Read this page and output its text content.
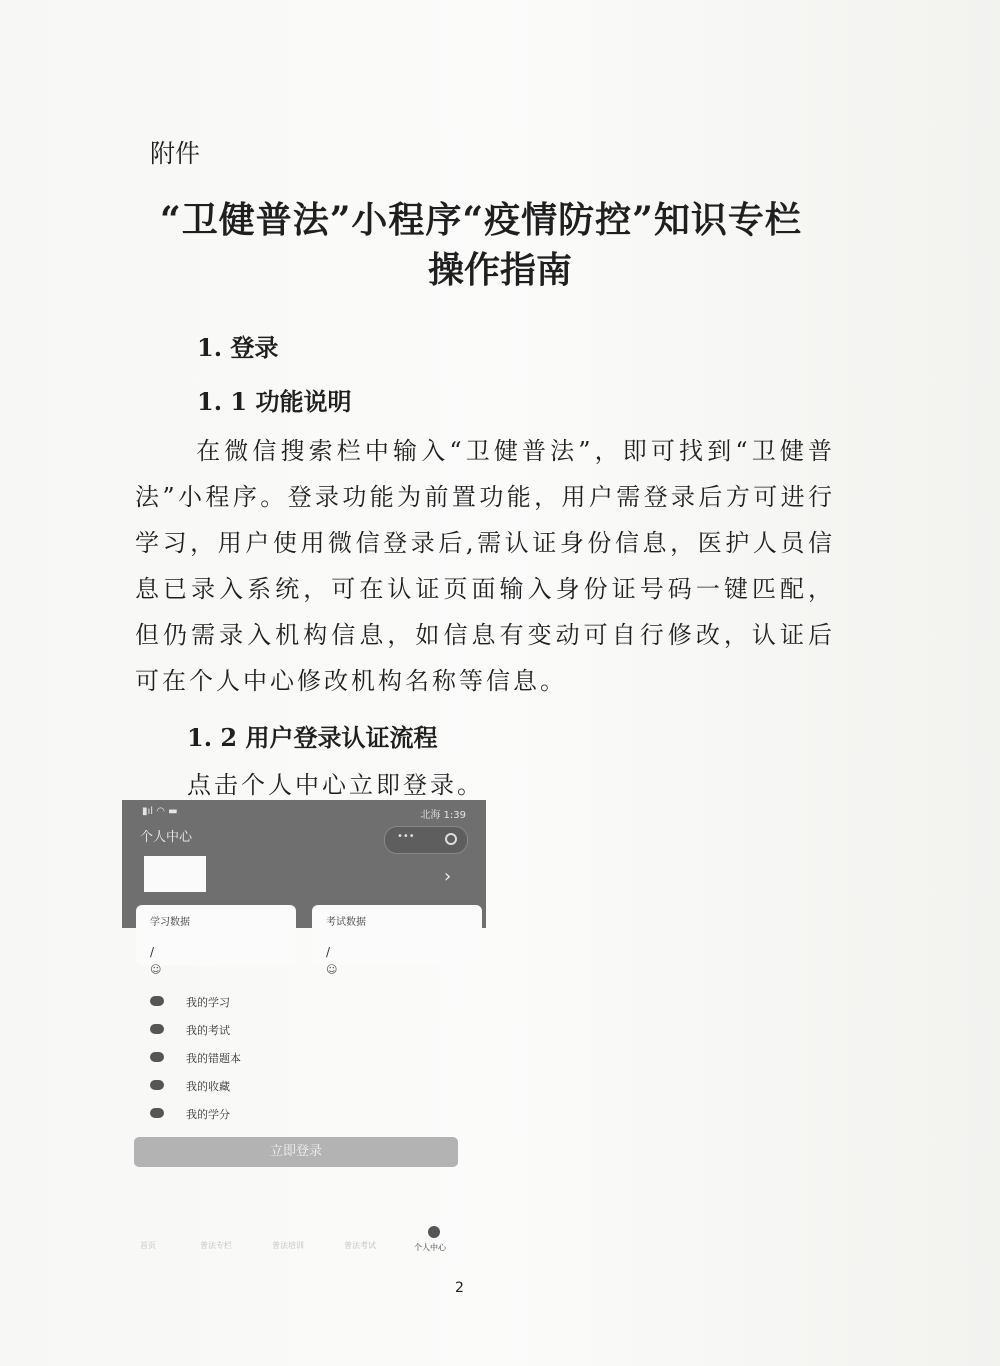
附件
“卫健普法”小程序“疫情防控”知识专栏
操作指南
1. 登录
1. 1 功能说明
在微信搜索栏中输入“卫健普法”，即可找到“卫健普法”小程序。登录功能为前置功能，用户需登录后方可进行学习，用户使用微信登录后,需认证身份信息，医护人员信息已录入系统，可在认证页面输入身份证号码一键匹配，但仍需录入机构信息，如信息有变动可自行修改，认证后可在个人中心修改机构名称等信息。
1. 2 用户登录认证流程
点击个人中心立即登录。
▮ıl ◠ ▬	北海 1:39
个人中心	•••
›
学习数据
/
☺
考试数据
/
☺
我的学习
我的考试
我的错题本
我的收藏
我的学分
立即登录
首页	普法专栏	普法培训	普法考试	个人中心
2
